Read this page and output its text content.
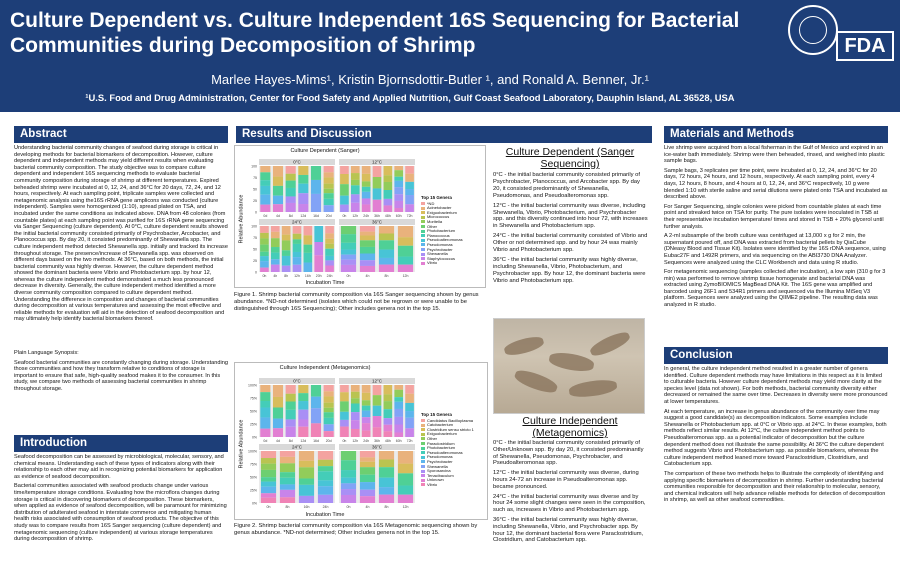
Culture Dependent vs. Culture Independent 16S Sequencing for Bacterial Communities during Decomposition of Shrimp
Marlee Hayes-Mims¹, Kristin Bjornsdottir-Butler ¹, and Ronald A. Benner, Jr.¹
¹U.S. Food and Drug Administration, Center for Food Safety and Applied Nutrition, Gulf Coast Seafood Laboratory, Dauphin Island, AL 36528, USA
FDA
Abstract

Understanding bacterial community changes of seafood during storage is critical in developing methods for bacterial biomarkers of decomposition. However, culture dependent and independent methods may yield different results when evaluating bacterial community composition. The study objective was to compare culture dependent and independent 16S sequencing methods to evaluate bacterial community composition during storage of shrimp at different temperatures. Expired beheaded shrimp were incubated at 0, 12, 24, and 36°C for 20 days, 72, 24, and 12 hours, respectively. At each sampling point, triplicate samples were collected and metagenomic analysis using the16S rRNA gene amplicons was conducted (culture independent). Samples were homogenized (1:10), spread plated on TSA, and incubated under the same conditions as indicated above. DNA from 48 colonies (from countable plates) at each sampling point was purified for 16S rRNA gene sequencing via Sanger Sequencing (culture dependent). At 0°C, culture dependent results showed the initial bacterial community consisted primarily of Psychrobacter, Arcobacter, and Planococcus spp. By day 20, it consisted predominantly of Shewanella spp. The culture independent method detected Shewanella spp. initially and tracked its increase throughout storage. The presence/increase of Shewanella spp. was observed on different days based on the two methods. At 36°C, based on both methods, the initial bacterial community was highly diverse. However, the culture dependent method showed the dominant bacteria were Vibrio and Photobacterium spp. by hour 12, whereas the culture independent method demonstrated a much less pronounced decrease in diversity. Generally, the culture independent method identified a more diverse community composition compared to culture dependent method. Understanding the difference in composition and changes of bacterial communities during decomposition at various temperatures and assessing the most effective and reliable methods for evaluation will aid in the detection of seafood decomposition and may ultimately help identify bacterial biomarkers thereof.

Plain Language Synopsis:

Seafood bacterial communities are constantly changing during storage. Understanding those communities and how they transform relative to conditions of storage is important to ensure that safe, high-quality seafood makes it to the consumer. In this study, we compare two methods of assessing bacterial communities in shrimp throughout storage.

Introduction

Seafood decomposition can be assessed by microbiological, molecular, sensory, and chemical means. Understanding each of these types of indicators along with their relationship to each other may aid in recognizing potential biomarkers for application as evidence of seafood decomposition.

Bacterial communities associated with seafood products change under various time/temperature storage conditions. Evaluating how the microflora changes during storage is critical in discovering biomarkers of decomposition. These biomarkers, when applied as evidence of seafood decomposition, will be paramount for minimizing distribution of adulterated seafood in interstate commerce and mitigating human health risks associated with consumption of seafood products. The objective of this study was to compare results from 16S Sanger sequencing (culture dependent) and metagenomic sequencing (culture independent) at various storage temperatures during decomposition of shrimp.

Results and Discussion
Culture Dependent (Sanger)
Relative Abundance
Incubation Time
0°C
0d	4d	8d 12d 16d 20d
0
25
50
75
100
12°C
0h 12h 24h 36h 48h 60h 72h
24°C
0h 4h 8h 12h 16h 20h 24h
0
25
50
75
100
36°C
0h	4h	8h	12h
Top 15 Genera
*ND
Acinetobacter
Exiguobacterium
Micrococcus
Moritella
Other
Photobacterium
Planococcus
Pseudoalteromonas
Pseudomonas
Psychrobacter
Shewanella
Staphylococcus
Vibrio
Figure 1. Shrimp bacterial community composition via 16S Sanger sequencing shown by genus abundance. *ND-not determined (isolates which could not be regrown or were unable to be distinguished through 16S Sequencing); Other includes genera not in the top 15.
Culture Independent (Metagenomics)
Relative Abundance
Incubation Time
0°C
0d	4d	8d 12d 16d 20d
0%
25%
50%
75%
100%
12°C
0h 12h 24h 36h 48h 60h 72h
24°C
0h	8h	16h	24h
0%
25%
50%
75%
100%
36°C
0h	4h	8h	12h
Top 15 Genera
Candidatus Bacilloplasma
Catobacterium
Clostridium sensu stricto 1
Exiguobacterium
Other
Paraclostridium
Photobacterium
Pseudoalteromonas
Pseudomonas
Psychrobacter
Shewanella
Sporosarcina
Tenacibaculum
Unknown
Vibrio
Figure 2. Shrimp bacterial community composition via 16S Metagenomic sequencing shown by genus abundance. *ND-not determined; Other includes genera not in the top 15.
Culture Dependent (Sanger Sequencing)

0°C - the initial bacterial community consisted primarily of Psychrobacter, Planococcus, and Arcobacter spp. By day 20, it consisted predominantly of Shewanella, Pseudomonas, and Pseudoalteromonas spp.

12°C - the initial bacterial community was diverse, including Shewanella, Vibrio, Photobacterium, and Psychrobacter spp. and this diversity continued into hour 72, with increases in Shewanella and Photobacterium spp.

24°C - the initial bacterial community consisted of Vibrio and Other or not determined spp. and by hour 24 was mainly Vibrio and Photobacterium spp.

36°C - the initial bacterial community was highly diverse, including Shewanella, Vibrio, Photobacterium, and Psychrobacter spp. By hour 12, the dominant bacteria were Vibrio and Photobacterium spp.

Culture Independent (Metagenomics)

0°C - the initial bacterial community consisted primarily of Other/Unknown spp. By day 20, it consisted predominantly of Shewanella, Pseudomonas, Psychrobacter, and Pseudoalteromonas spp.

12°C - the initial bacterial community was diverse, during hours 24-72 an increase in Pseudoalteromonas spp. became pronounced.

24°C - the initial bacterial community was diverse and by hour 24 some slight changes were seen in the composition, such as, increases in Vibrio and Photobacterium spp.

36°C - the initial bacterial community was highly diverse, including Shewanella, Vibrio, and Psychrobacter spp. By hour 12, the dominant bacterial flora were Paraclostridium, Clostridium, and Catobacterium spp.

Materials and Methods

Live shrimp were acquired from a local fisherman in the Gulf of Mexico and expired in an ice-water bath immediately. Shrimp were then beheaded, rinsed, and weighed into plastic sample bags.

Sample bags, 3 replicates per time point, were incubated at 0, 12, 24, and 36°C for 20 days, 72 hours, 24 hours, and 12 hours, respectively. At each sampling point, every 4 days, 12 hours, 8 hours, and 4 hours at 0, 12, 24, and 36°C respectively, 10 g were blended 1:10 with sterile saline and serial dilutions were plated onto TSA and incubated as described above.

For Sanger Sequencing, single colonies were picked from countable plates at each time point and streaked twice on TSA for purity. The pure isolates were inoculated in TSB at their representative incubation temperature/ times and stored in TSB + 20% glycerol until further analysis.

A 2-ml subsample of the broth culture was centrifuged at 13,000 x g for 2 min, the supernatant poured off, and DNA was extracted from bacterial pellets by QiaCube (DNeasy Blood and Tissue Kit). Isolates were identified by the 16S rDNA sequence, using Eubac27F and 1492R primers, and via sequencing on the ABI3730 DNA Analyzer. Sequences were analyzed using the CLC Workbench and data using R studio.

For metagenomic sequencing (samples collected after incubation), a low spin (310 g for 3 min) was performed to remove shrimp tissue homogenate and bacterial DNA was extracted using ZymoBIOMICS MagBead DNA Kit. The 16S gene was amplified and barcoded using 26F1 and 534R1 primers and sequenced via the Illumina MiSeq V3 platform. Sequences were analyzed using the QIIME2 pipeline. The resulting data was analyzed in R studio.

Conclusion

In general, the culture independent method resulted in a greater number of genera identified. Culture dependent methods may have limitations in this respect as it is limited to culturable bacteria. However culture dependent methods may yield more clarity at the species level (data not shown). For both methods, bacterial community diversity either decreased or remained the same over time. Decreases in diversity were more pronounced at lower temperatures.

At each temperature, an increase in genus abundance of the community over time may suggest a good candidate(s) as decomposition indicators. Some examples include Shewanella or Photobacterium spp. at 0°C or Vibrio spp. at 24°C. In these examples, both methods reflect similar results. At 12°C, the culture independent method points to Pseudoalteromonas spp. as a potential indicator of decomposition but the culture dependent method does not illustrate the same possibility. At 36°C the culture dependent method suggests Vibrio and Photobacterium spp. as possible biomarkers, whereas the culture independent method leaned more toward Paraclostridium, Clostridium, and Catobacterium spp.

The comparison of these two methods helps to illustrate the complexity of identifying and applying specific biomarkers of decomposition in shrimp. Further understanding bacterial communities responsible for decomposition and their relationship to molecular, sensory, and chemical indicators will help advance reliable methods for detection of decomposition in shrimp, as well as other seafood commodities.
